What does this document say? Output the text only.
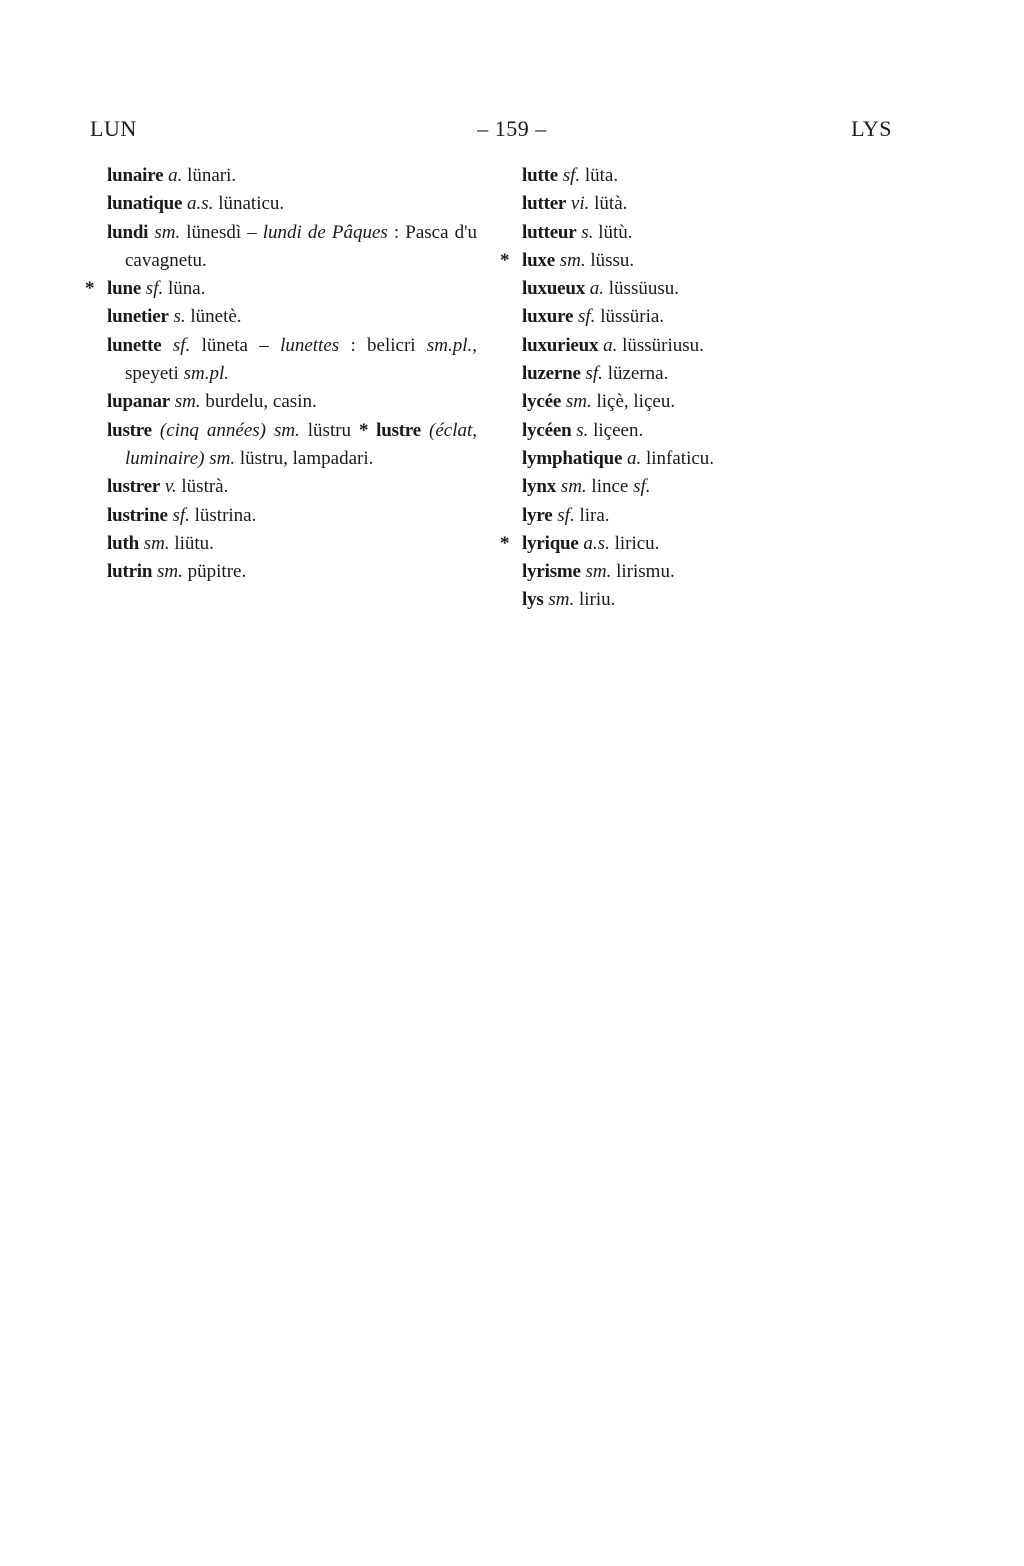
LUN	– 159 –	LYS

lunaire a. lünari.

lunatique a.s. lünaticu.

lundi sm. lünesdì – lundi de Pâques : Pasca d'u cavagnetu.

* lune sf. lüna.

lunetier s. lünetè.

lunette sf. lüneta – lunettes : belicri sm.pl., speyeti sm.pl.

lupanar sm. burdelu, casin.

lustre (cinq années) sm. lüstru * lustre (éclat, luminaire) sm. lüstru, lampadari.

lustrer v. lüstrà.

lustrine sf. lüstrina.

luth sm. liütu.

lutrin sm. püpitre.

lutte sf. lüta.

lutter vi. lütà.

lutteur s. lütù.

* luxe sm. lüssu.

luxueux a. lüssüusu.

luxure sf. lüssüria.

luxurieux a. lüssüriusu.

luzerne sf. lüzerna.

lycée sm. liçè, liçeu.

lycéen s. liçeen.

lymphatique a. linfaticu.

lynx sm. lince sf.

lyre sf. lira.

* lyrique a.s. liricu.

lyrisme sm. lirismu.

lys sm. liriu.
